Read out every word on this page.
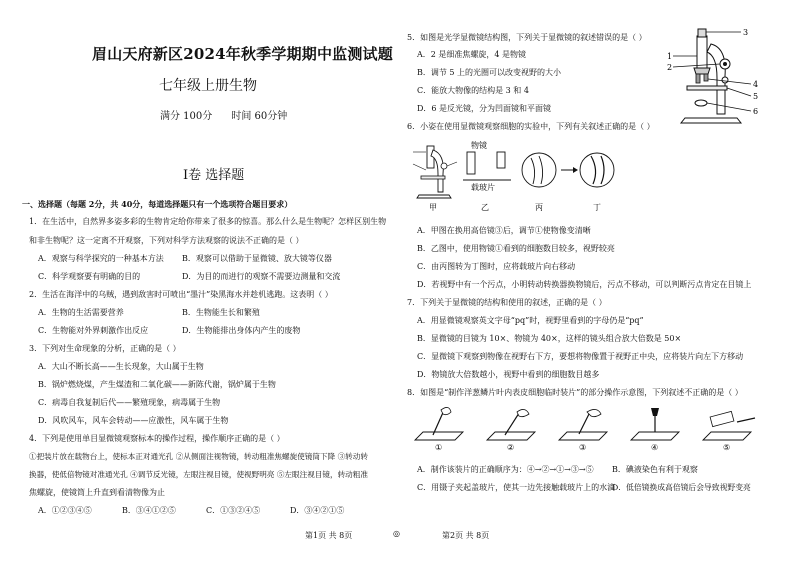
眉山天府新区2024年秋季学期期中监测试题
七年级上册生物
满分 100分      时间 60分钟
Ⅰ卷 选择题
一、选择题（每题 2分，共 40分，每道选择题只有一个选项符合题目要求）
1．在生活中，自然界多姿多彩的生物肯定给你带来了很多的惊喜。那么什么是生物呢？怎样区别生物
和非生物呢？这一定离不开观察，下列对科学方法观察的说法不正确的是（ ）
A．观察与科学探究的一种基本方法 B．观察可以借助于显微镜、放大镜等仪器
C．科学观察要有明确的目的	D．为目的而进行的观察不需要边测量和交流
2．生活在海洋中的乌贼，遇到敌害时可喷出“墨汁”染黑海水并趁机逃跑。这表明（ ）
A．生物的生活需要营养	B．生物能生长和繁殖
C．生物能对外界刺激作出反应	D．生物能排出身体内产生的废物
3．下列对生命现象的分析，正确的是（ ）
A．大山不断长高——生长现象，大山属于生物
B．锅炉燃烧煤，产生煤渣和二氧化碳——新陈代谢，锅炉属于生物
C．病毒自我复制后代——繁殖现象，病毒属于生物
D．风吹风车，风车会转动——应激性，风车属于生物
4．下列是使用单目显微镜观察标本的操作过程，操作顺序正确的是（ ）
①把装片放在载物台上，使标本正对通光孔 ②从侧面注视物镜，转动粗准焦螺旋使镜筒下降 ③转动转
换器，使低倍物镜对准通光孔 ④调节反光镜，左眼注视目镜，使视野明亮 ⑤左眼注视目镜，转动粗准
焦螺旋，使镜筒上升直到看清物像为止
A．①②③④⑤	B．③④①②⑤	C．①③②④⑤	D．③④②①⑤
第1页 共 8页	◎
5．如图是光学显微镜结构图，下列关于显微镜的叙述错误的是（ ）
A．2 是细准焦螺旋，4 是物镜
B．调节 5 上的光圈可以改变视野的大小
C．能放大物像的结构是 3 和 4
D．6 是反光镜，分为凹面镜和平面镜
1
2
3
4
5
6
6．小姿在使用显微镜观察细胞的实验中，下列有关叙述正确的是（ ）
甲
物镜
载玻片
乙	丙	丁
A．甲图在换用高倍镜③后，调节①使物像变清晰
B．乙图中，使用物镜①看到的细胞数目较多，视野较亮
C．由丙图转为丁图时，应将载玻片向右移动
D．若视野中有一个污点，小明转动转换器换物镜后，污点不移动，可以判断污点肯定在目镜上
7．下列关于显微镜的结构和使用的叙述，正确的是（ ）
A．用显微镜观察英文字母“pq”时，视野里看到的字母仍是“pq”
B．显微镜的目镜为 10×、物镜为 40×，这样的镜头组合放大倍数是 50×
C．显微镜下观察到物像在视野右下方，要想将物像置于视野正中央，应将装片向左下方移动
D．物镜放大倍数越小，视野中看到的细胞数目越多
8．如图是“制作洋葱鳞片叶内表皮细胞临时装片”的部分操作示意图，下列叙述不正确的是（ ）
①	②	③	④	⑤
A．制作该装片的正确顺序为：④→②→①→③→⑤ B．碘液染色有利于观察
C．用镊子夹起盖玻片，使其一边先接触载玻片上的水滴
D．低倍镜换成高倍镜后会导致视野变亮
第2页 共 8页
